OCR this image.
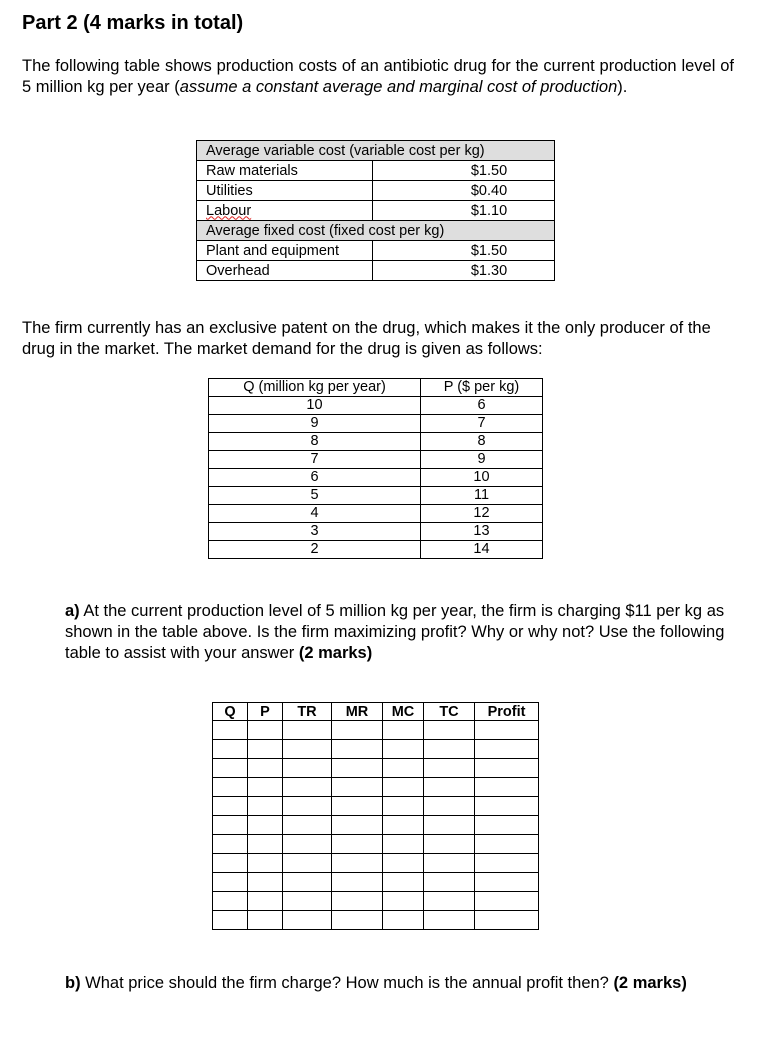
Part 2 (4 marks in total)
The following table shows production costs of an antibiotic drug for the current production level of 5 million kg per year (assume a constant average and marginal cost of production).
Average variable cost (variable cost per kg)	
Raw materials	$1.50
Utilities	$0.40
Labour	$1.10
Average fixed cost (fixed cost per kg)	
Plant and equipment	$1.50
Overhead	$1.30
The firm currently has an exclusive patent on the drug, which makes it the only producer of the drug in the market. The market demand for the drug is given as follows:
Q (million kg per year)	P ($ per kg)
10	6
9	7
8	8
7	9
6	10
5	11
4	12
3	13
2	14
a) At the current production level of 5 million kg per year, the firm is charging $11 per kg as shown in the table above. Is the firm maximizing profit? Why or why not? Use the following table to assist with your answer (2 marks)
Q	P	TR	MR	MC	TC	Profit

b) What price should the firm charge? How much is the annual profit then? (2 marks)
